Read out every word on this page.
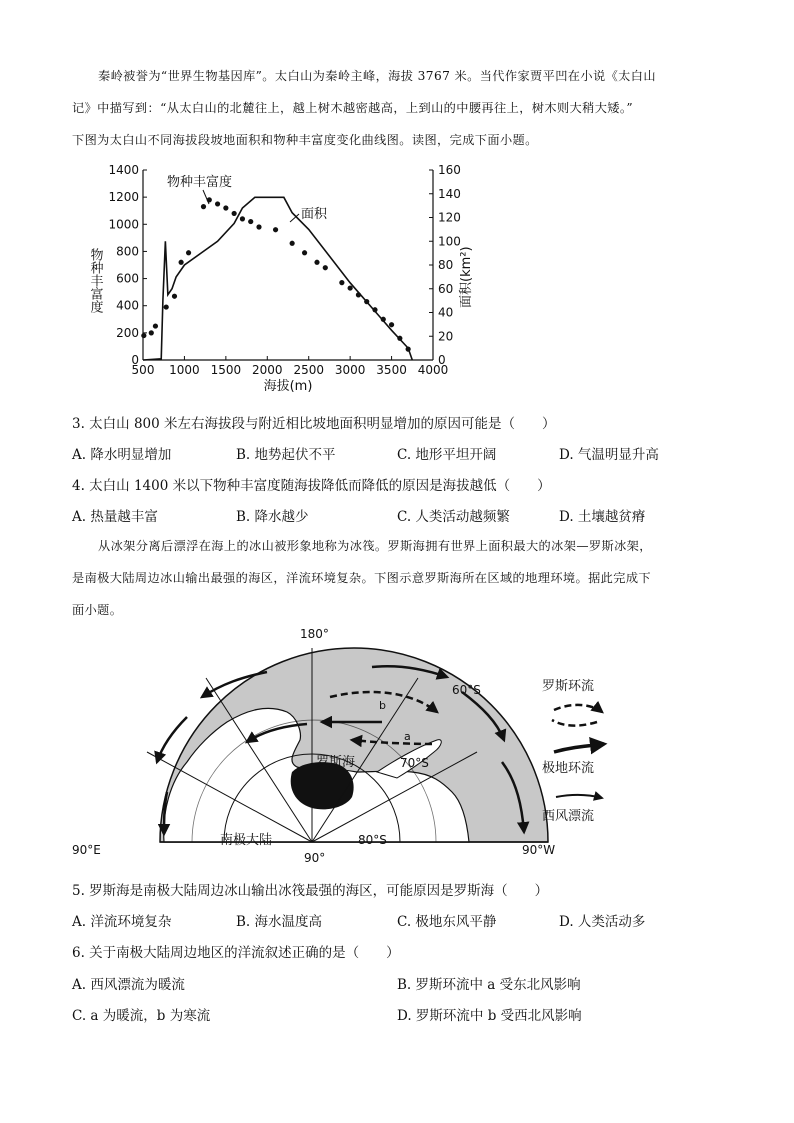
秦岭被誉为“世界生物基因库”。太白山为秦岭主峰，海拔 3767 米。当代作家贾平凹在小说《太白山
记》中描写到：“从太白山的北麓往上，越上树木越密越高，上到山的中腰再往上，树木则大稍大矮。”
下图为太白山不同海拔段坡地面积和物种丰富度变化曲线图。读图，完成下面小题。
500 1000 1500 2000 2500 3000 3500 4000
0
200
400
600
800
1000
1200
1400
0
20
40
60
80
100
120
140
160
物种丰富度
面积
海拔(m)
物种丰富度	面积(km²)
3. 太白山 800 米左右海拔段与附近相比坡地面积明显增加的原因可能是（　　）
A. 降水明显增加	B. 地势起伏不平	C. 地形平坦开阔	D. 气温明显升高
4. 太白山 1400 米以下物种丰富度随海拔降低而降低的原因是海拔越低（　　）
A. 热量越丰富	B. 降水越少	C. 人类活动越频繁	D. 土壤越贫瘠
从冰架分离后漂浮在海上的冰山被形象地称为冰筏。罗斯海拥有世界上面积最大的冰架—罗斯冰架，
是南极大陆周边冰山输出最强的海区，洋流环境复杂。下图示意罗斯海所在区域的地理环境。据此完成下
面小题。
180°
90°E	90°W
90°
60°S
70°S
80°S
罗斯海
南极大陆
a
b
罗斯环流
极地环流
西风漂流
5. 罗斯海是南极大陆周边冰山输出冰筏最强的海区，可能原因是罗斯海（　　）
A. 洋流环境复杂	B. 海水温度高	C. 极地东风平静	D. 人类活动多
6. 关于南极大陆周边地区的洋流叙述正确的是（　　）
A. 西风漂流为暖流	B. 罗斯环流中 a 受东北风影响
C. a 为暖流，b 为寒流	D. 罗斯环流中 b 受西北风影响
